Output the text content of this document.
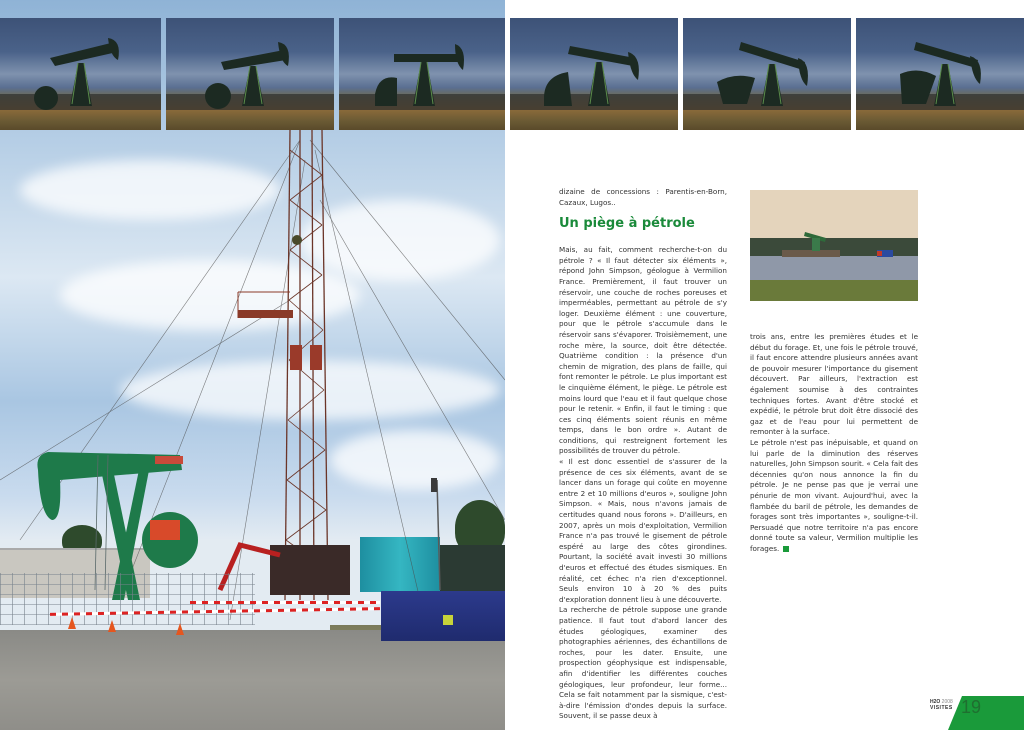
dizaine de concessions : Parentis-en-Born, Cazaux, Lugos..

Un piège à pétrole

Mais, au fait, comment recherche-t-on du pétrole ? « Il faut détecter six éléments », répond John Simpson, géologue à Vermilion France. Premièrement, il faut trouver un réservoir, une couche de roches poreuses et imperméables, permettant au pétrole de s'y loger. Deuxième élément : une couverture, pour que le pétrole s'accumule dans le réservoir sans s'évaporer. Troisièmement, une roche mère, la source, doit être détectée. Quatrième condition : la présence d'un chemin de migration, des plans de faille, qui font remonter le pétrole. Le plus important est le cinquième élément, le piège. Le pétrole est moins lourd que l'eau et il faut quelque chose pour le retenir. « Enfin, il faut le timing : que ces cinq éléments soient réunis en même temps, dans le bon ordre ». Autant de conditions, qui restreignent fortement les possibilités de trouver du pétrole.

« Il est donc essentiel de s'assurer de la présence de ces six éléments, avant de se lancer dans un forage qui coûte en moyenne entre 2 et 10 millions d'euros », souligne John Simpson. « Mais, nous n'avons jamais de certitudes quand nous forons ». D'ailleurs, en 2007, après un mois d'exploitation, Vermilion France n'a pas trouvé le gisement de pétrole espéré au large des côtes girondines. Pourtant, la société avait investi 30 millions d'euros et effectué des études sismiques. En réalité, cet échec n'a rien d'exceptionnel. Seuls environ 10 à 20 % des puits d'exploration donnent lieu à une découverte.

La recherche de pétrole suppose une grande patience. Il faut tout d'abord lancer des études géologiques, examiner des photographies aériennes, des échantillons de roches, pour les dater. Ensuite, une prospection géophysique est indispensable, afin d'identifier les différentes couches géologiques, leur profondeur, leur forme... Cela se fait notamment par la sismique, c'est-à-dire l'émission d'ondes depuis la surface. Souvent, il se passe deux à

trois ans, entre les premières études et le début du forage. Et, une fois le pétrole trouvé, il faut encore attendre plusieurs années avant de pouvoir mesurer l'importance du gisement découvert. Par ailleurs, l'extraction est également soumise à des contraintes techniques fortes. Avant d'être stocké et expédié, le pétrole brut doit être dissocié des gaz et de l'eau pour lui permettent de remonter à la surface.

Le pétrole n'est pas inépuisable, et quand on lui parle de la diminution des réserves naturelles, John Simpson sourit. « Cela fait des décennies qu'on nous annonce la fin du pétrole. Je ne pense pas que je verrai une pénurie de mon vivant. Aujourd'hui, avec la flambée du baril de pétrole, les demandes de forages sont très importantes », souligne-t-il. Persuadé que notre territoire n'a pas encore donné toute sa valeur, Vermilion multiplie les forages.

H2O 2008
VISITES 19
